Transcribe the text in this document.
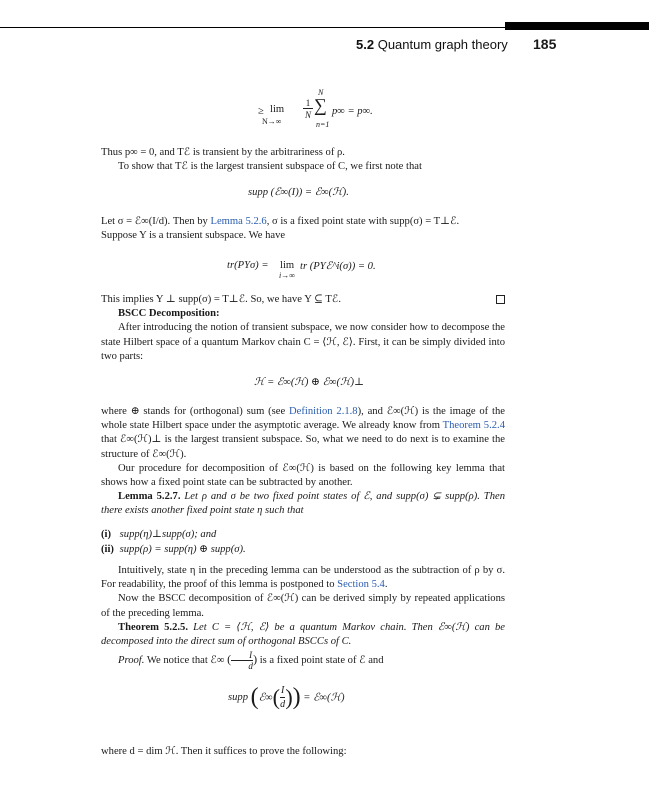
5.2 Quantum graph theory 185
≥ lim
N→∞
1
N
N
∑
n=1
p∞ = p∞.
Thus p∞ = 0, and Tℰ is transient by the arbitrariness of ρ.
To show that Tℰ is the largest transient subspace of C, we first note that
supp (ℰ∞(I)) = ℰ∞(ℋ).
Let σ = ℰ∞(I/d). Then by Lemma 5.2.6, σ is a fixed point state with supp(σ) = T⊥ℰ.
Suppose Y is a transient subspace. We have
tr(PYσ) = lim
i→∞
tr (PYℰ^i(σ)) = 0.
This implies Y ⊥ supp(σ) = T⊥ℰ. So, we have Y ⊆ Tℰ.
BSCC Decomposition:
After introducing the notion of transient subspace, we now consider how to decompose the state Hilbert space of a quantum Markov chain C = ⟨ℋ, ℰ⟩. First, it can be simply divided into two parts:
ℋ = ℰ∞(ℋ) ⊕ ℰ∞(ℋ)⊥
where ⊕ stands for (orthogonal) sum (see Definition 2.1.8), and ℰ∞(ℋ) is the image of the whole state Hilbert space under the asymptotic average. We already know from Theorem 5.2.4 that ℰ∞(ℋ)⊥ is the largest transient subspace. So, what we need to do next is to examine the structure of ℰ∞(ℋ).
Our procedure for decomposition of ℰ∞(ℋ) is based on the following key lemma that shows how a fixed point state can be subtracted by another.
Lemma 5.2.7. Let ρ and σ be two fixed point states of ℰ, and supp(σ) ⊊ supp(ρ). Then there exists another fixed point state η such that
(i) supp(η)⊥supp(σ); and
(ii) supp(ρ) = supp(η) ⊕ supp(σ).
Intuitively, state η in the preceding lemma can be understood as the subtraction of ρ by σ. For readability, the proof of this lemma is postponed to Section 5.4.
Now the BSCC decomposition of ℰ∞(ℋ) can be derived simply by repeated applications of the preceding lemma.
Theorem 5.2.5. Let C = ⟨ℋ, ℰ⟩ be a quantum Markov chain. Then ℰ∞(ℋ) can be decomposed into the direct sum of orthogonal BSCCs of C.
Proof. We notice that ℰ∞ ( $\frac{I}{d}$ ) is a fixed point state of ℰ and
supp (ℰ∞( $\frac{I}{d}$ )) = ℰ∞(ℋ)
where d = dim ℋ. Then it suffices to prove the following:
